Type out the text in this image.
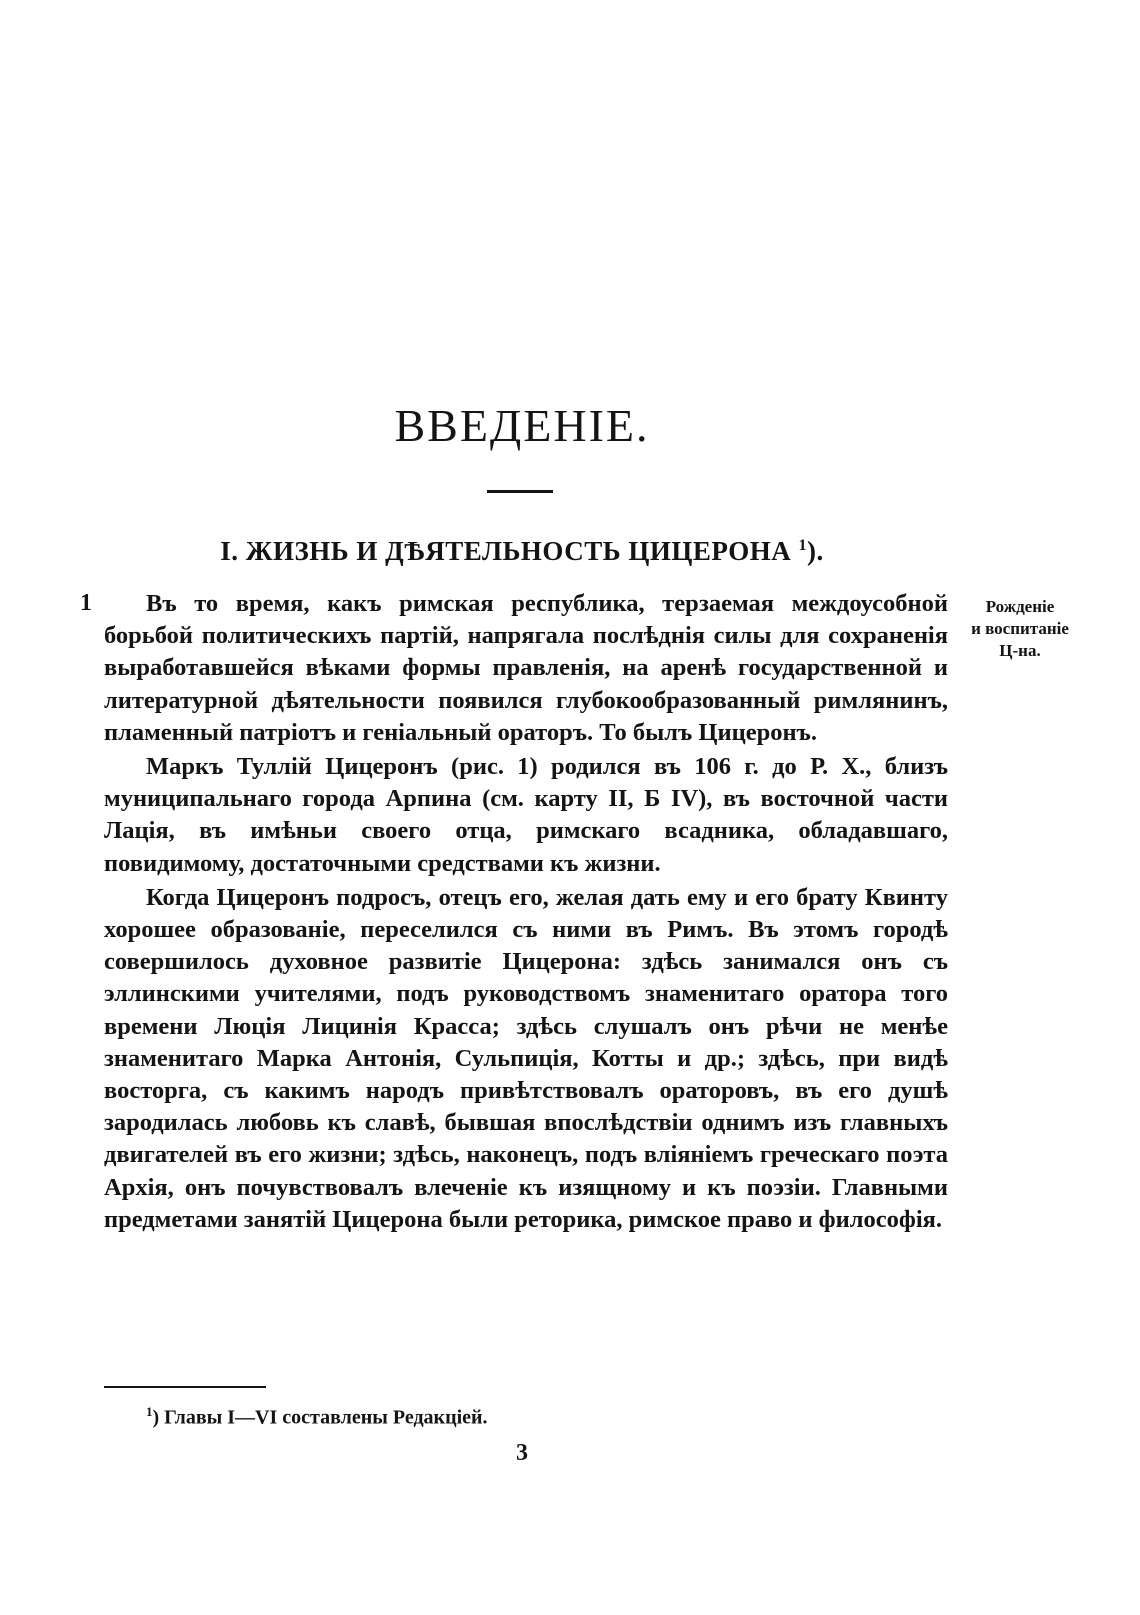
ВВЕДЕНІЕ.
I. ЖИЗНЬ И ДѢЯТЕЛЬНОСТЬ ЦИЦЕРОНА $^1$).
1	Рожденіе
и воспитаніе
Ц-на.

Въ то время, какъ римская республика, терзаемая междоусобной борьбой политическихъ партій, напрягала послѣднія силы для сохраненія выработавшейся вѣками формы правленія, на аренѣ государственной и литературной дѣятельности появился глубокообразованный римлянинъ, пламенный патріотъ и геніальный ораторъ. То былъ Цицеронъ.

Маркъ Туллій Цицеронъ (рис. 1) родился въ 106 г. до Р. Х., близъ муниципальнаго города Арпина (см. карту II, Б IV), въ восточной части Лацiя, въ имѣньи своего отца, римскаго всадника, обладавшаго, повидимому, достаточными средствами къ жизни.

Когда Цицеронъ подросъ, отецъ его, желая дать ему и его брату Квинту хорошее образованіе, переселился съ ними въ Римъ. Въ этомъ городѣ совершилось духовное развитіе Цицерона: здѣсь занимался онъ съ эллинскими учителями, подъ руководствомъ знаменитаго оратора того времени Люція Лицинія Красса; здѣсь слушалъ онъ рѣчи не менѣе знаменитаго Марка Антонія, Сульпиція, Котты и др.; здѣсь, при видѣ восторга, съ какимъ народъ привѣтствовалъ ораторовъ, въ его душѣ зародилась любовь къ славѣ, бывшая впослѣдствіи однимъ изъ главныхъ двигателей въ его жизни; здѣсь, наконецъ, подъ вліяніемъ греческаго поэта Архія, онъ почувствовалъ влеченіе къ изящному и къ поэзіи. Главными предметами занятій Цицерона были реторика, римское право и философія.

$^1$) Главы I—VI составлены Редакціей.
3
